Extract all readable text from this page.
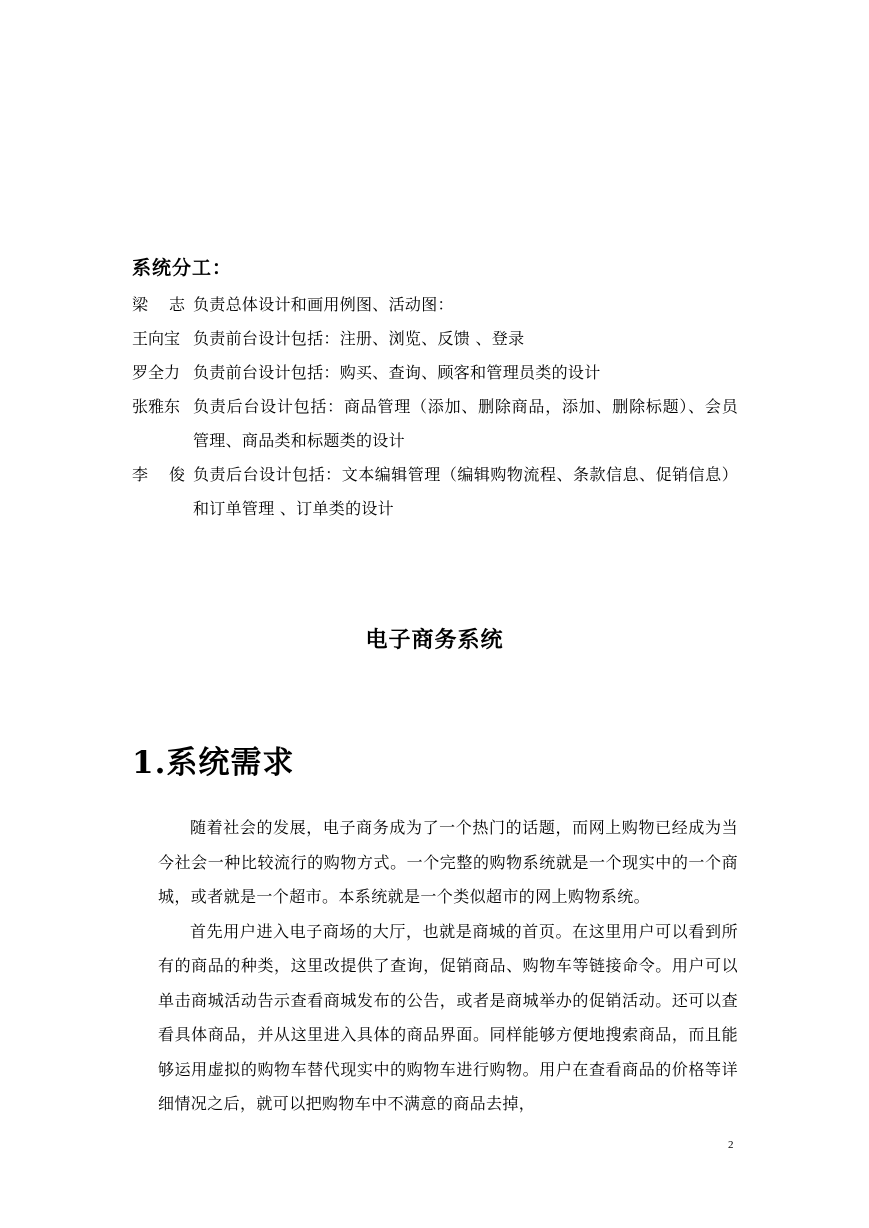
系统分工：
梁志
负责总体设计和画用例图、活动图：
王向宝 负责前台设计包括：注册、浏览、反馈 、登录
罗全力 负责前台设计包括：购买、查询、顾客和管理员类的设计
张雅东 负责后台设计包括：商品管理（添加、删除商品，添加、删除标题）、会员管理、商品类和标题类的设计
李俊
负责后台设计包括：文本编辑管理（编辑购物流程、条款信息、促销信息）和订单管理 、订单类的设计
电子商务系统
1.系统需求

随着社会的发展，电子商务成为了一个热门的话题，而网上购物已经成为当今社会一种比较流行的购物方式。一个完整的购物系统就是一个现实中的一个商城，或者就是一个超市。本系统就是一个类似超市的网上购物系统。

首先用户进入电子商场的大厅，也就是商城的首页。在这里用户可以看到所有的商品的种类，这里改提供了查询，促销商品、购物车等链接命令。用户可以单击商城活动告示查看商城发布的公告，或者是商城举办的促销活动。还可以查看具体商品，并从这里进入具体的商品界面。同样能够方便地搜索商品，而且能够运用虚拟的购物车替代现实中的购物车进行购物。用户在查看商品的价格等详细情况之后，就可以把购物车中不满意的商品去掉，

2
